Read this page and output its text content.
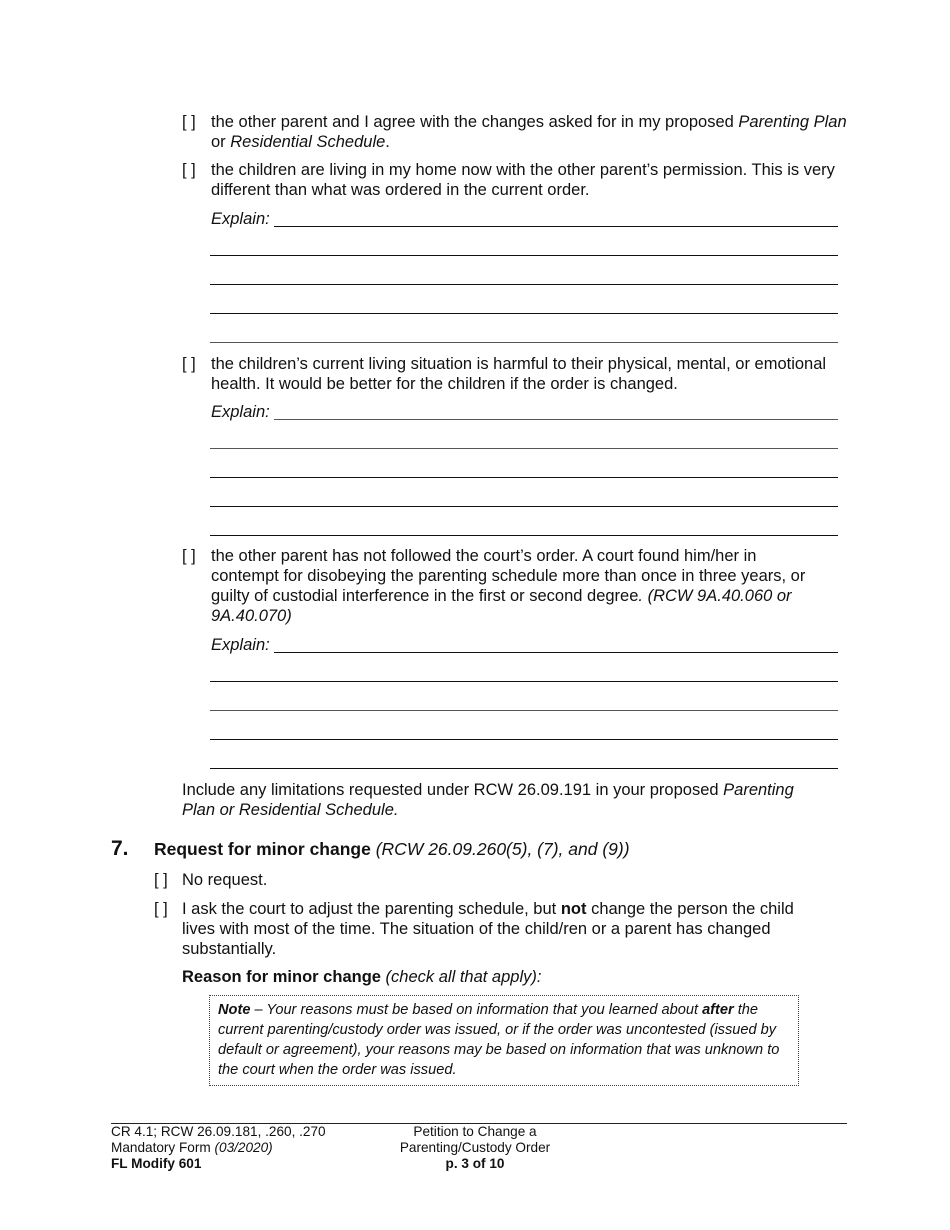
[ ] the other parent and I agree with the changes asked for in my proposed Parenting Plan or Residential Schedule.
[ ] the children are living in my home now with the other parent’s permission. This is very different than what was ordered in the current order.
Explain:
[ ] the children’s current living situation is harmful to their physical, mental, or emotional health. It would be better for the children if the order is changed.
Explain:
[ ] the other parent has not followed the court’s order. A court found him/her in contempt for disobeying the parenting schedule more than once in three years, or guilty of custodial interference in the first or second degree. (RCW 9A.40.060 or 9A.40.070)
Explain:
Include any limitations requested under RCW 26.09.191 in your proposed Parenting Plan or Residential Schedule.
7. Request for minor change (RCW 26.09.260(5), (7), and (9))
[ ] No request.
[ ] I ask the court to adjust the parenting schedule, but not change the person the child lives with most of the time. The situation of the child/ren or a parent has changed substantially.
Reason for minor change (check all that apply):
Note – Your reasons must be based on information that you learned about after the current parenting/custody order was issued, or if the order was uncontested (issued by default or agreement), your reasons may be based on information that was unknown to the court when the order was issued.
CR 4.1; RCW 26.09.181, .260, .270
Mandatory Form (03/2020)
FL Modify 601
Petition to Change a
Parenting/Custody Order
p. 3 of 10
